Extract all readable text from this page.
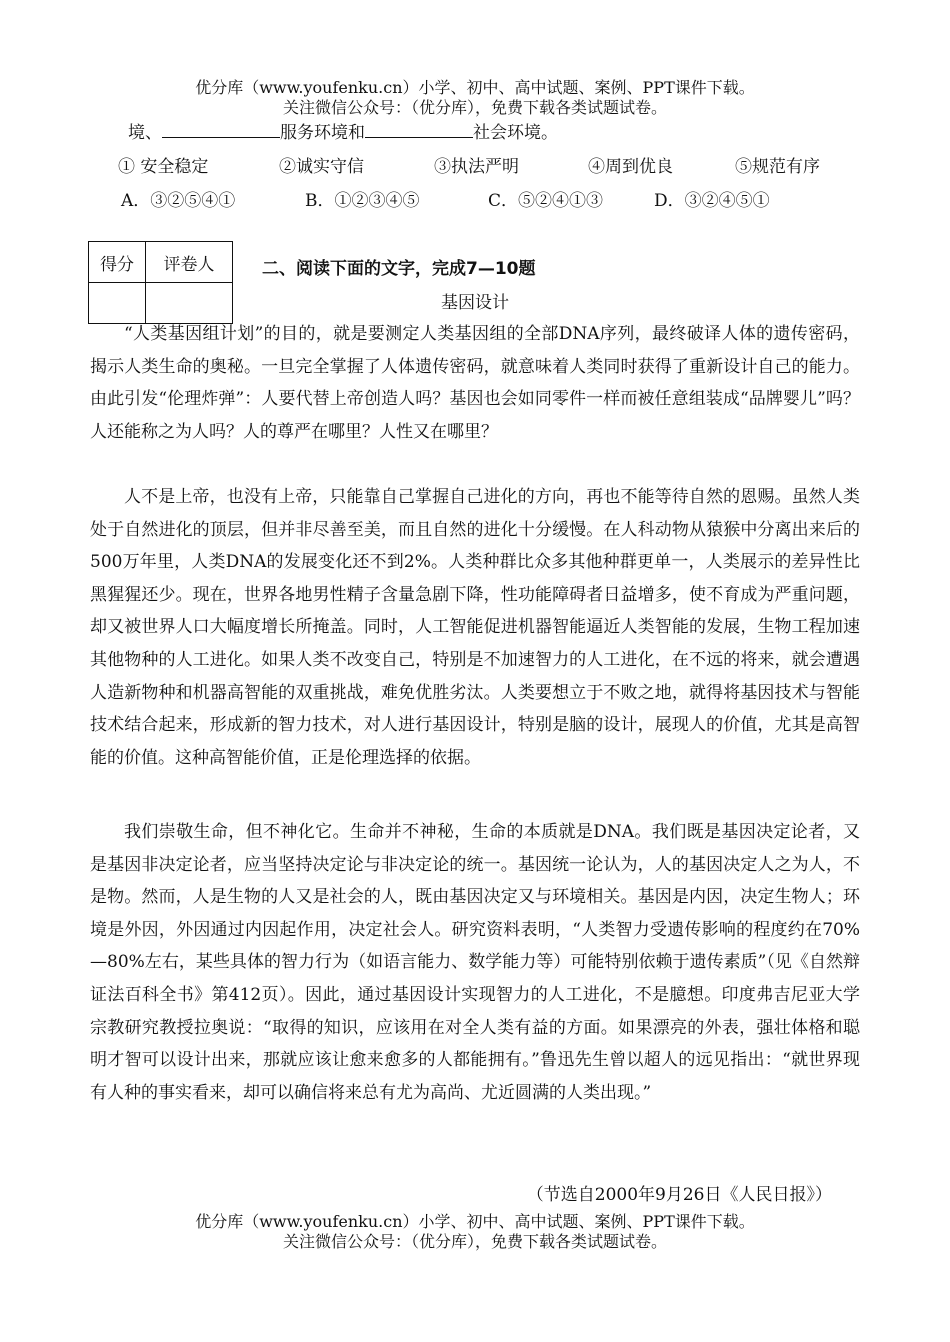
优分库（www.youfenku.cn）小学、初中、高中试题、案例、PPT课件下载。
关注微信公众号：（优分库），免费下载各类试题试卷。
境、	服务环境和	社会环境。
① 安全稳定	②诚实守信	③执法严明	④周到优良	⑤规范有序
A．③②⑤④①	B．①②③④⑤	C．⑤②④①③	D．③②④⑤①
得分	评卷人
		二、阅读下面的文字，完成7—10题
基因设计

“人类基因组计划”的目的，就是要测定人类基因组的全部DNA序列，最终破译人体的遗传密码，揭示人类生命的奥秘。一旦完全掌握了人体遗传密码，就意味着人类同时获得了重新设计自己的能力。由此引发“伦理炸弹”：人要代替上帝创造人吗？基因也会如同零件一样而被任意组装成“品牌婴儿”吗？人还能称之为人吗？人的尊严在哪里？人性又在哪里？

人不是上帝，也没有上帝，只能靠自己掌握自己进化的方向，再也不能等待自然的恩赐。虽然人类处于自然进化的顶层，但并非尽善至美，而且自然的进化十分缓慢。在人科动物从猿猴中分离出来后的500万年里，人类DNA的发展变化还不到2%。人类种群比众多其他种群更单一，人类展示的差异性比黑猩猩还少。现在，世界各地男性精子含量急剧下降，性功能障碍者日益增多，使不育成为严重问题，却又被世界人口大幅度增长所掩盖。同时，人工智能促进机器智能逼近人类智能的发展，生物工程加速其他物种的人工进化。如果人类不改变自己，特别是不加速智力的人工进化，在不远的将来，就会遭遇人造新物种和机器高智能的双重挑战，难免优胜劣汰。人类要想立于不败之地，就得将基因技术与智能技术结合起来，形成新的智力技术，对人进行基因设计，特别是脑的设计，展现人的价值，尤其是高智能的价值。这种高智能价值，正是伦理选择的依据。

我们崇敬生命，但不神化它。生命并不神秘，生命的本质就是DNA。我们既是基因决定论者，又是基因非决定论者，应当坚持决定论与非决定论的统一。基因统一论认为，人的基因决定人之为人，不是物。然而，人是生物的人又是社会的人，既由基因决定又与环境相关。基因是内因，决定生物人；环境是外因，外因通过内因起作用，决定社会人。研究资料表明，“人类智力受遗传影响的程度约在70%—80%左右，某些具体的智力行为（如语言能力、数学能力等）可能特别依赖于遗传素质”（见《自然辩证法百科全书》第412页）。因此，通过基因设计实现智力的人工进化，不是臆想。印度弗吉尼亚大学宗教研究教授拉奥说：“取得的知识，应该用在对全人类有益的方面。如果漂亮的外表，强壮体格和聪明才智可以设计出来，那就应该让愈来愈多的人都能拥有。”鲁迅先生曾以超人的远见指出：“就世界现有人种的事实看来，却可以确信将来总有尤为高尚、尤近圆满的人类出现。”

（节选自2000年9月26日《人民日报》）
优分库（www.youfenku.cn）小学、初中、高中试题、案例、PPT课件下载。
关注微信公众号：（优分库），免费下载各类试题试卷。
